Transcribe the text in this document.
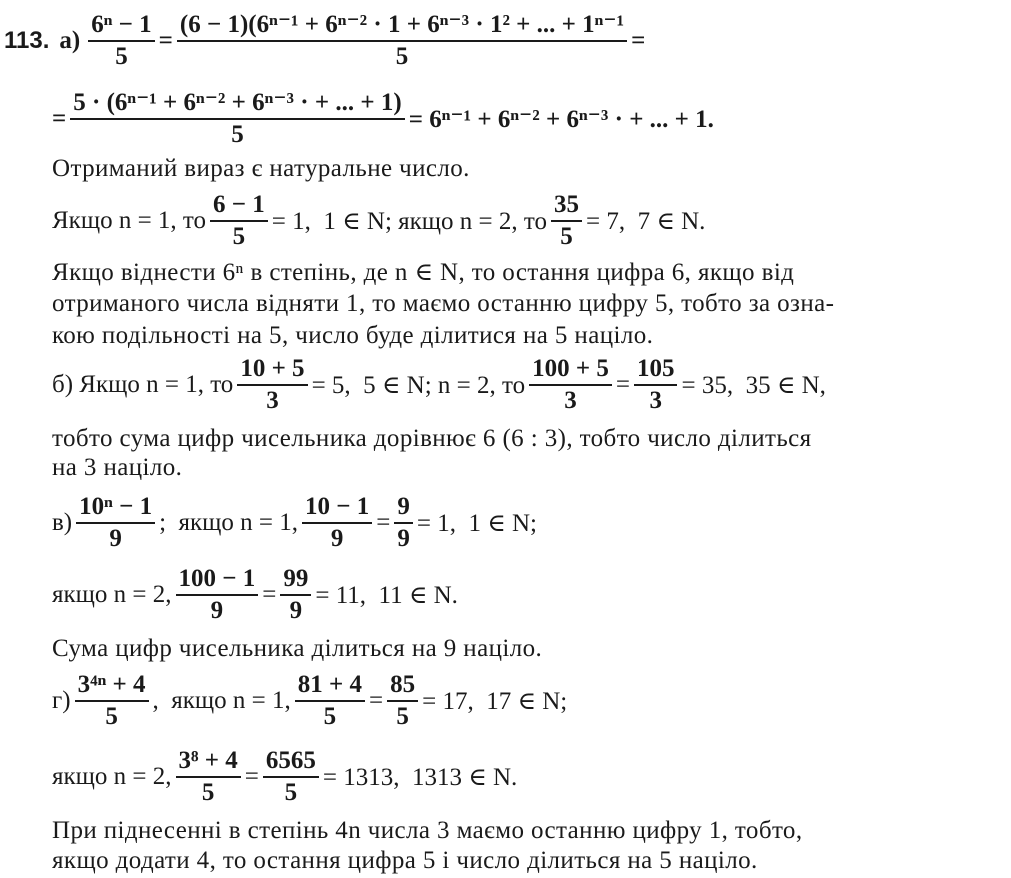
113. $а) \frac{\text{6ⁿ − 1}}{5} = \frac{\text{(6 − 1)(6ⁿ⁻¹ + 6ⁿ⁻² · 1 + 6ⁿ⁻³ · 1² + ... + 1ⁿ⁻¹}}{5}$ =
= $\frac{\text{5 · (6ⁿ⁻¹ + 6ⁿ⁻² + 6ⁿ⁻³ · + ... + 1)}}{5} = 6^{n-1} + 6^{n-2} + 6^{n-3}$ · + ... + 1.
Отриманий вираз є натуральне число.
Якщо n = 1, то $\frac{6 - 1}{5} = 1$,  1 ∈ N; якщо n = 2, то $\frac{35}{5} = 7$,  7 ∈ N.
Якщо віднести 6ⁿ в степінь, де n ∈ N, то остання цифра 6, якщо від
отриманого числа відняти 1, то маємо останню цифру 5, тобто за озна-
кою подільності на 5, число буде ділитися на 5 націло.
б) Якщо n = 1, то $\frac{10 + 5}{3} = 5$,  5 ∈ N; n = 2, то $\frac{100 + 5}{3} = \frac{105}{3} = 35$,  35 ∈ N,
тобто сума цифр чисельника дорівнює 6 (6 : 3), тобто число ділиться
на 3 націло.
$в) \frac{\text{10ⁿ − 1}}{9}$ ;  якщо n = 1, $\frac{10 - 1}{9} = \frac{9}{9} = 1$,  1 ∈ N;
якщо n = 2, $\frac{100 - 1}{9} = \frac{99}{9} = 11$,  11 ∈ N.
Сума цифр чисельника ділиться на 9 націло.
$г) \frac{\text{3⁴ⁿ + 4}}{5}$ ,  якщо n = 1, $\frac{81 + 4}{5} = \frac{85}{5} = 17$,  17 ∈ N;
якщо n = 2, $\frac{\text{3⁸ + 4}}{5} = \frac{6565}{5} = 1313$,  1313 ∈ N.
При піднесенні в степінь 4n числа 3 маємо останню цифру 1, тобто,
якщо додати 4, то остання цифра 5 і число ділиться на 5 націло.
